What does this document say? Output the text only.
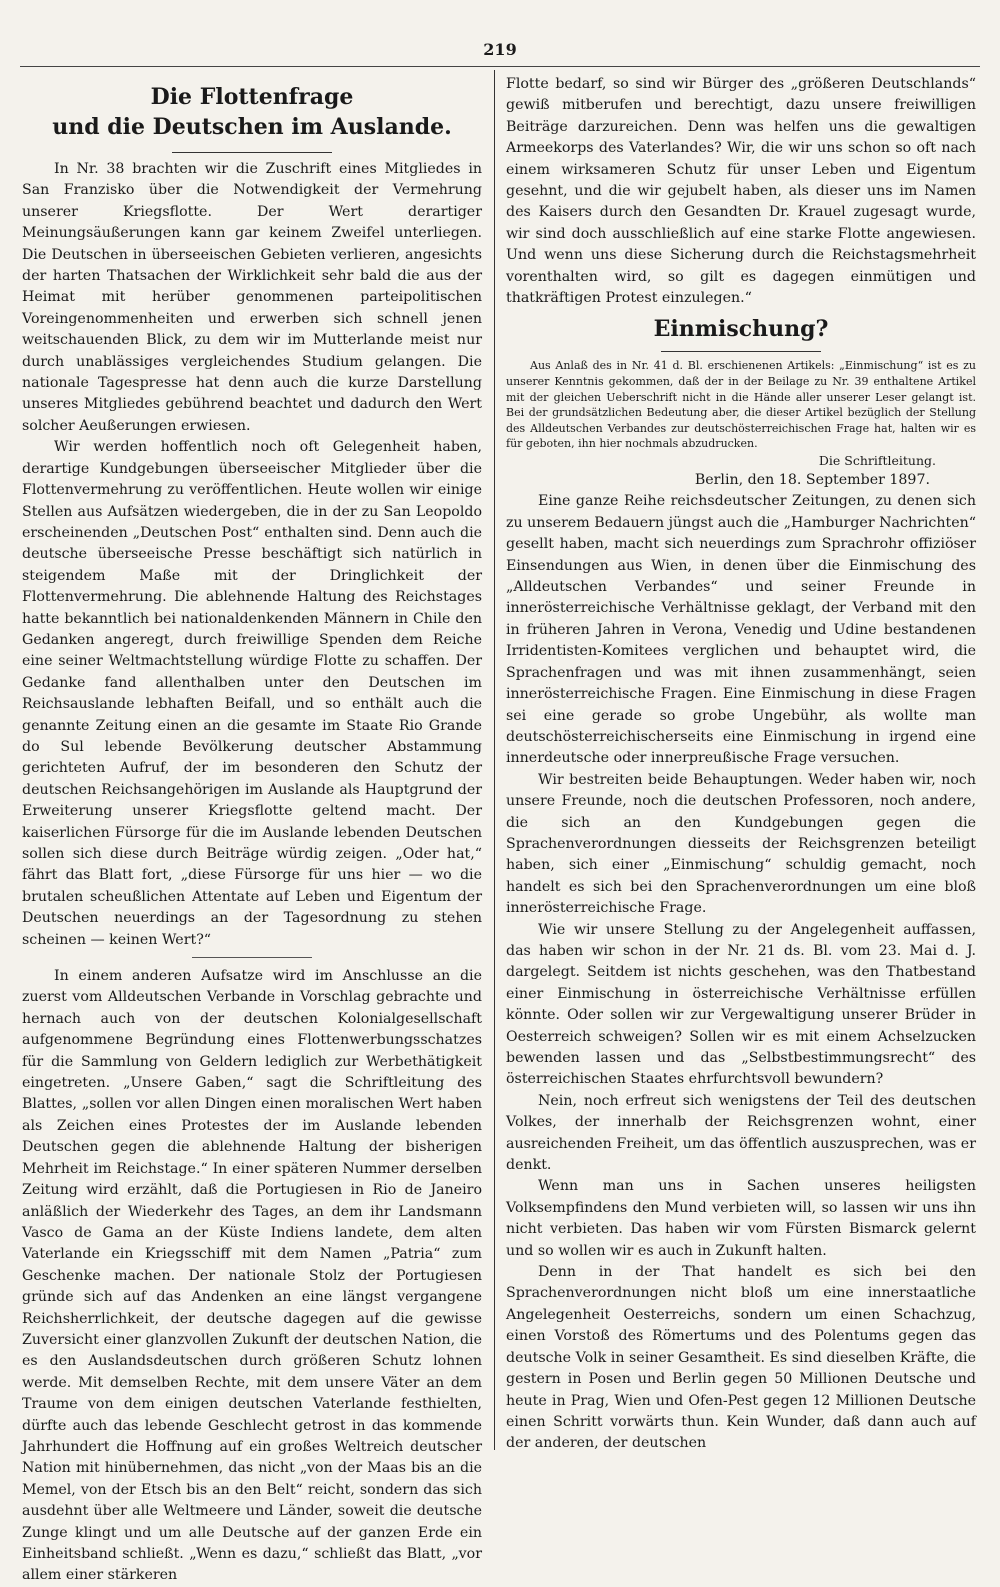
219
Die Flottenfrage
und die Deutschen im Auslande.

In Nr. 38 brachten wir die Zuschrift eines Mitgliedes in San Franzisko über die Notwendigkeit der Vermehrung unserer Kriegsflotte. Der Wert derartiger Meinungsäußerungen kann gar keinem Zweifel unterliegen. Die Deutschen in überseeischen Gebieten verlieren, angesichts der harten Thatsachen der Wirklichkeit sehr bald die aus der Heimat mit herüber genommenen parteipolitischen Voreingenommenheiten und erwerben sich schnell jenen weitschauenden Blick, zu dem wir im Mutterlande meist nur durch unablässiges vergleichendes Studium gelangen. Die nationale Tagespresse hat denn auch die kurze Darstellung unseres Mitgliedes gebührend beachtet und dadurch den Wert solcher Aeußerungen erwiesen.

Wir werden hoffentlich noch oft Gelegenheit haben, derartige Kundgebungen überseeischer Mitglieder über die Flottenvermehrung zu veröffentlichen. Heute wollen wir einige Stellen aus Aufsätzen wiedergeben, die in der zu San Leopoldo erscheinenden „Deutschen Post“ enthalten sind. Denn auch die deutsche überseeische Presse beschäftigt sich natürlich in steigendem Maße mit der Dringlichkeit der Flottenvermehrung. Die ablehnende Haltung des Reichstages hatte bekanntlich bei nationaldenkenden Männern in Chile den Gedanken angeregt, durch freiwillige Spenden dem Reiche eine seiner Weltmachtstellung würdige Flotte zu schaffen. Der Gedanke fand allenthalben unter den Deutschen im Reichsauslande lebhaften Beifall, und so enthält auch die genannte Zeitung einen an die gesamte im Staate Rio Grande do Sul lebende Bevölkerung deutscher Abstammung gerichteten Aufruf, der im besonderen den Schutz der deutschen Reichsangehörigen im Auslande als Hauptgrund der Erweiterung unserer Kriegsflotte geltend macht. Der kaiserlichen Fürsorge für die im Auslande lebenden Deutschen sollen sich diese durch Beiträge würdig zeigen. „Oder hat,“ fährt das Blatt fort, „diese Fürsorge für uns hier — wo die brutalen scheußlichen Attentate auf Leben und Eigentum der Deutschen neuerdings an der Tagesordnung zu stehen scheinen — keinen Wert?“

In einem anderen Aufsatze wird im Anschlusse an die zuerst vom Alldeutschen Verbande in Vorschlag gebrachte und hernach auch von der deutschen Kolonialgesellschaft aufgenommene Begründung eines Flottenwerbungsschatzes für die Sammlung von Geldern lediglich zur Werbethätigkeit eingetreten. „Unsere Gaben,“ sagt die Schriftleitung des Blattes, „sollen vor allen Dingen einen moralischen Wert haben als Zeichen eines Protestes der im Auslande lebenden Deutschen gegen die ablehnende Haltung der bisherigen Mehrheit im Reichstage.“ In einer späteren Nummer derselben Zeitung wird erzählt, daß die Portugiesen in Rio de Janeiro anläßlich der Wiederkehr des Tages, an dem ihr Landsmann Vasco de Gama an der Küste Indiens landete, dem alten Vaterlande ein Kriegsschiff mit dem Namen „Patria“ zum Geschenke machen. Der nationale Stolz der Portugiesen gründe sich auf das Andenken an eine längst vergangene Reichsherrlichkeit, der deutsche dagegen auf die gewisse Zuversicht einer glanzvollen Zukunft der deutschen Nation, die es den Auslandsdeutschen durch größeren Schutz lohnen werde. Mit demselben Rechte, mit dem unsere Väter an dem Traume von dem einigen deutschen Vaterlande festhielten, dürfte auch das lebende Geschlecht getrost in das kommende Jahrhundert die Hoffnung auf ein großes Weltreich deutscher Nation mit hinübernehmen, das nicht „von der Maas bis an die Memel, von der Etsch bis an den Belt“ reicht, sondern das sich ausdehnt über alle Weltmeere und Länder, soweit die deutsche Zunge klingt und um alle Deutsche auf der ganzen Erde ein Einheitsband schließt. „Wenn es dazu,“ schließt das Blatt, „vor allem einer stärkeren

Flotte bedarf, so sind wir Bürger des „größeren Deutschlands“ gewiß mitberufen und berechtigt, dazu unsere freiwilligen Beiträge darzureichen. Denn was helfen uns die gewaltigen Armeekorps des Vaterlandes? Wir, die wir uns schon so oft nach einem wirksameren Schutz für unser Leben und Eigentum gesehnt, und die wir gejubelt haben, als dieser uns im Namen des Kaisers durch den Gesandten Dr. Krauel zugesagt wurde, wir sind doch ausschließlich auf eine starke Flotte angewiesen. Und wenn uns diese Sicherung durch die Reichstagsmehrheit vorenthalten wird, so gilt es dagegen einmütigen und thatkräftigen Protest einzulegen.“

Einmischung?

Aus Anlaß des in Nr. 41 d. Bl. erschienenen Artikels: „Einmischung“ ist es zu unserer Kenntnis gekommen, daß der in der Beilage zu Nr. 39 enthaltene Artikel mit der gleichen Ueberschrift nicht in die Hände aller unserer Leser gelangt ist. Bei der grundsätzlichen Bedeutung aber, die dieser Artikel bezüglich der Stellung des Alldeutschen Verbandes zur deutschösterreichischen Frage hat, halten wir es für geboten, ihn hier nochmals abzudrucken.

Die Schriftleitung.
Berlin, den 18. September 1897.

Eine ganze Reihe reichsdeutscher Zeitungen, zu denen sich zu unserem Bedauern jüngst auch die „Hamburger Nachrichten“ gesellt haben, macht sich neuerdings zum Sprachrohr offiziöser Einsendungen aus Wien, in denen über die Einmischung des „Alldeutschen Verbandes“ und seiner Freunde in innerösterreichische Verhältnisse geklagt, der Verband mit den in früheren Jahren in Verona, Venedig und Udine bestandenen Irridentisten-Komitees verglichen und behauptet wird, die Sprachenfragen und was mit ihnen zusammenhängt, seien innerösterreichische Fragen. Eine Einmischung in diese Fragen sei eine gerade so grobe Ungebühr, als wollte man deutschösterreichischerseits eine Einmischung in irgend eine innerdeutsche oder innerpreußische Frage versuchen.

Wir bestreiten beide Behauptungen. Weder haben wir, noch unsere Freunde, noch die deutschen Professoren, noch andere, die sich an den Kundgebungen gegen die Sprachenverordnungen diesseits der Reichsgrenzen beteiligt haben, sich einer „Einmischung“ schuldig gemacht, noch handelt es sich bei den Sprachenverordnungen um eine bloß innerösterreichische Frage.

Wie wir unsere Stellung zu der Angelegenheit auffassen, das haben wir schon in der Nr. 21 ds. Bl. vom 23. Mai d. J. dargelegt. Seitdem ist nichts geschehen, was den Thatbestand einer Einmischung in österreichische Verhältnisse erfüllen könnte. Oder sollen wir zur Vergewaltigung unserer Brüder in Oesterreich schweigen? Sollen wir es mit einem Achselzucken bewenden lassen und das „Selbstbestimmungsrecht“ des österreichischen Staates ehrfurchtsvoll bewundern?

Nein, noch erfreut sich wenigstens der Teil des deutschen Volkes, der innerhalb der Reichsgrenzen wohnt, einer ausreichenden Freiheit, um das öffentlich auszusprechen, was er denkt.

Wenn man uns in Sachen unseres heiligsten Volksempfindens den Mund verbieten will, so lassen wir uns ihn nicht verbieten. Das haben wir vom Fürsten Bismarck gelernt und so wollen wir es auch in Zukunft halten.

Denn in der That handelt es sich bei den Sprachenverordnungen nicht bloß um eine innerstaatliche Angelegenheit Oesterreichs, sondern um einen Schachzug, einen Vorstoß des Römertums und des Polentums gegen das deutsche Volk in seiner Gesamtheit. Es sind dieselben Kräfte, die gestern in Posen und Berlin gegen 50 Millionen Deutsche und heute in Prag, Wien und Ofen-Pest gegen 12 Millionen Deutsche einen Schritt vorwärts thun. Kein Wunder, daß dann auch auf der anderen, der deutschen
